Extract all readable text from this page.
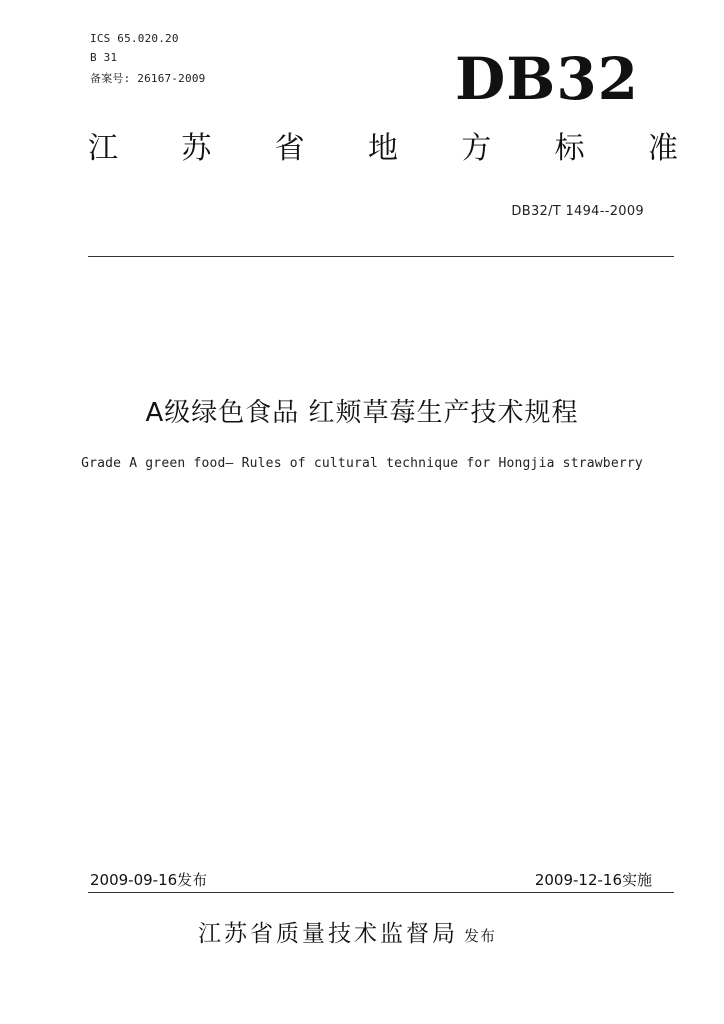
ICS 65.020.20
B 31
备案号: 26167-2009	DB32
江 苏 省 地 方 标 准
DB32/T 1494--2009
A级绿色食品 红颊草莓生产技术规程
Grade A green food— Rules of cultural technique for Hongjia strawberry
2009-09-16发布	2009-12-16实施
江苏省质量技术监督局 发布
